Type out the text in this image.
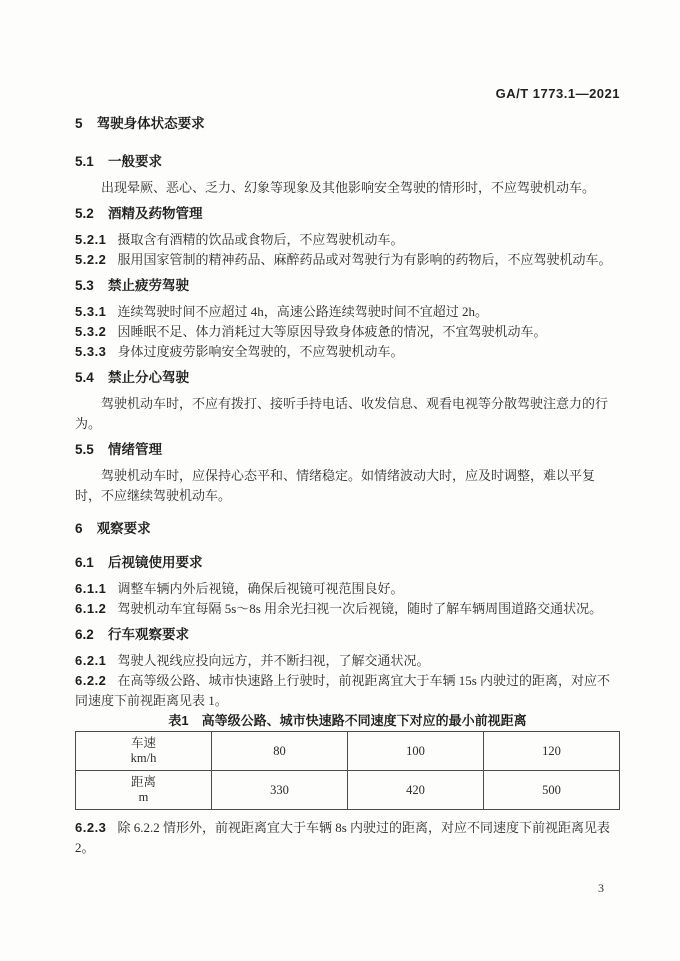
GA/T 1773.1—2021
5 驾驶身体状态要求
5.1 一般要求

出现晕厥、恶心、乏力、幻象等现象及其他影响安全驾驶的情形时，不应驾驶机动车。

5.2 酒精及药物管理

5.2.1 摄取含有酒精的饮品或食物后，不应驾驶机动车。

5.2.2 服用国家管制的精神药品、麻醉药品或对驾驶行为有影响的药物后，不应驾驶机动车。

5.3 禁止疲劳驾驶

5.3.1 连续驾驶时间不应超过 4h，高速公路连续驾驶时间不宜超过 2h。

5.3.2 因睡眠不足、体力消耗过大等原因导致身体疲惫的情况，不宜驾驶机动车。

5.3.3 身体过度疲劳影响安全驾驶的，不应驾驶机动车。

5.4 禁止分心驾驶

驾驶机动车时，不应有拨打、接听手持电话、收发信息、观看电视等分散驾驶注意力的行为。

5.5 情绪管理

驾驶机动车时，应保持心态平和、情绪稳定。如情绪波动大时，应及时调整，难以平复时，不应继续驾驶机动车。

6 观察要求
6.1 后视镜使用要求

6.1.1 调整车辆内外后视镜，确保后视镜可视范围良好。

6.1.2 驾驶机动车宜每隔 5s～8s 用余光扫视一次后视镜，随时了解车辆周围道路交通状况。

6.2 行车观察要求

6.2.1 驾驶人视线应投向远方，并不断扫视，了解交通状况。

6.2.2 在高等级公路、城市快速路上行驶时，前视距离宜大于车辆 15s 内驶过的距离，对应不同速度下前视距离见表 1。

表1 高等级公路、城市快速路不同速度下对应的最小前视距离

车速
km/h	80	100	120

距离
m	330	420	500

6.2.3 除 6.2.2 情形外，前视距离宜大于车辆 8s 内驶过的距离，对应不同速度下前视距离见表 2。

3
